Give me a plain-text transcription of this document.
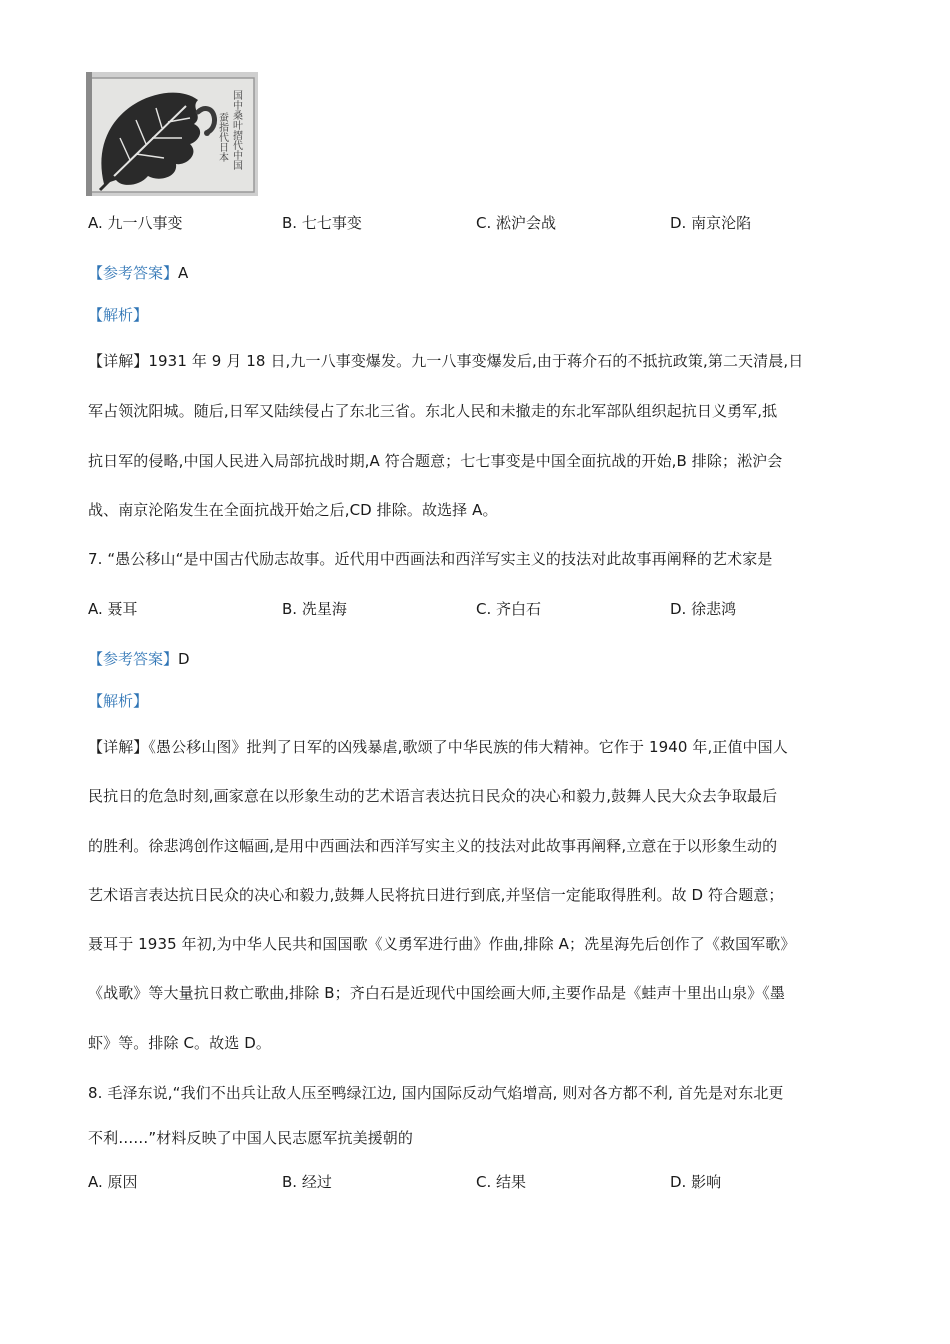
国中桑叶摺代中国
蚕指代日本
A. 九一八事变	B. 七七事变	C. 淞沪会战	D. 南京沦陷
【参考答案】A
【解析】
【详解】1931 年 9 月 18 日,九一八事变爆发。九一八事变爆发后,由于蒋介石的不抵抗政策,第二天清晨,日
军占领沈阳城。随后,日军又陆续侵占了东北三省。东北人民和未撤走的东北军部队组织起抗日义勇军,抵
抗日军的侵略,中国人民进入局部抗战时期,A 符合题意；七七事变是中国全面抗战的开始,B 排除；淞沪会
战、南京沦陷发生在全面抗战开始之后,CD 排除。故选择 A。
7. “愚公移山“是中国古代励志故事。近代用中西画法和西洋写实主义的技法对此故事再阐释的艺术家是
A. 聂耳	B. 冼星海	C. 齐白石	D. 徐悲鸿
【参考答案】D
【解析】
【详解】《愚公移山图》批判了日军的凶残暴虐,歌颂了中华民族的伟大精神。它作于 1940 年,正值中国人
民抗日的危急时刻,画家意在以形象生动的艺术语言表达抗日民众的决心和毅力,鼓舞人民大众去争取最后
的胜利。徐悲鸿创作这幅画,是用中西画法和西洋写实主义的技法对此故事再阐释,立意在于以形象生动的
艺术语言表达抗日民众的决心和毅力,鼓舞人民将抗日进行到底,并坚信一定能取得胜利。故 D 符合题意；
聂耳于 1935 年初,为中华人民共和国国歌《义勇军进行曲》作曲,排除 A；冼星海先后创作了《救国军歌》
《战歌》等大量抗日救亡歌曲,排除 B；齐白石是近现代中国绘画大师,主要作品是《蛙声十里出山泉》《墨
虾》等。排除 C。故选 D。
8. 毛泽东说,“我们不出兵让敌人压至鸭绿江边, 国内国际反动气焰增高, 则对各方都不利, 首先是对东北更
不利……”材料反映了中国人民志愿军抗美援朝的
A. 原因	B. 经过	C. 结果	D. 影响
